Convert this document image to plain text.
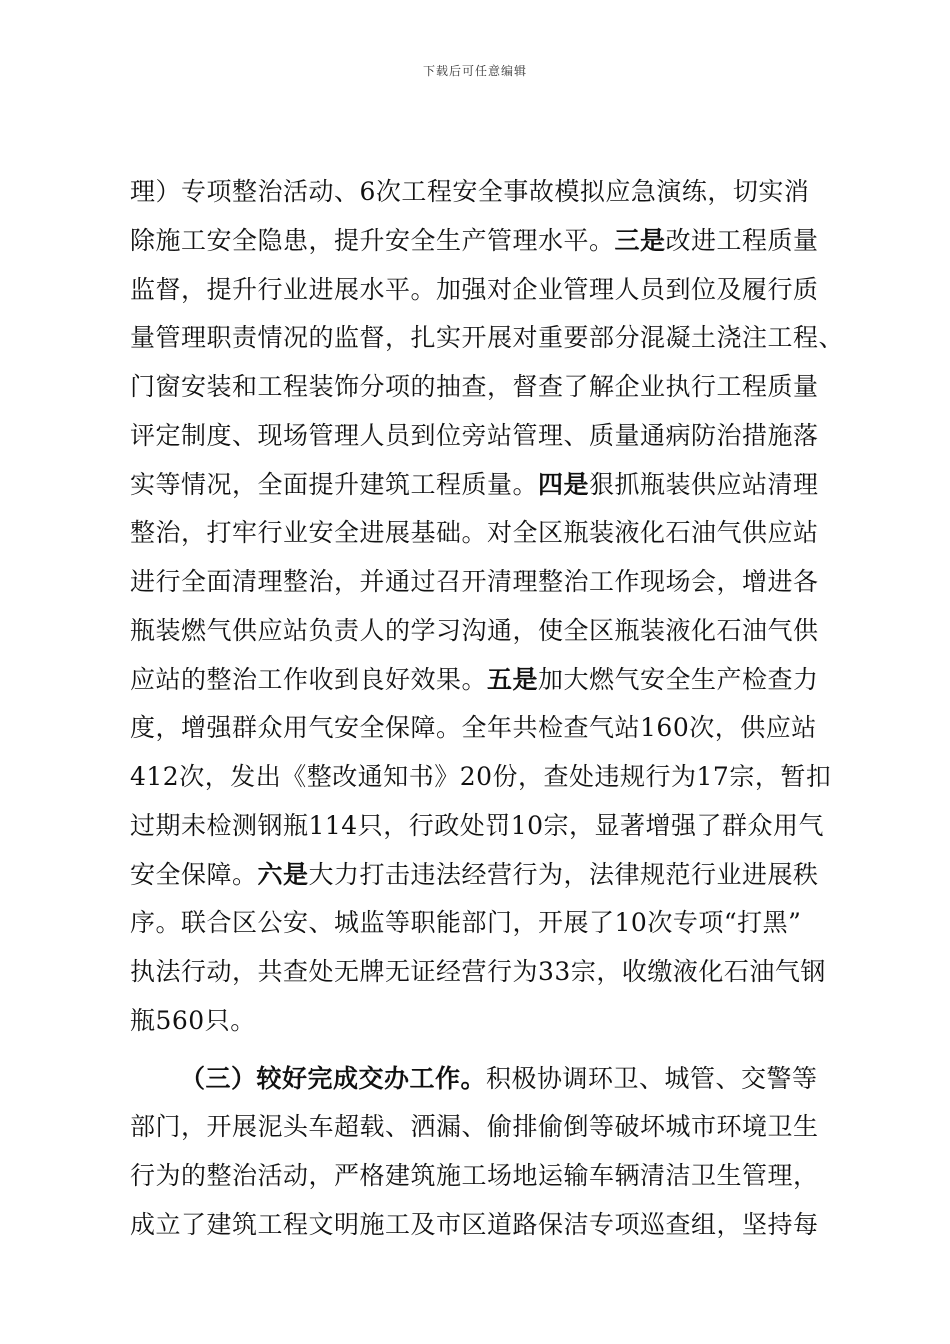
下载后可任意编辑
理）专项整治活动、6次工程安全事故模拟应急演练，切实消
除施工安全隐患，提升安全生产管理水平。三是改进工程质量
监督，提升行业进展水平。加强对企业管理人员到位及履行质
量管理职责情况的监督，扎实开展对重要部分混凝土浇注工程、
门窗安装和工程装饰分项的抽查，督查了解企业执行工程质量
评定制度、现场管理人员到位旁站管理、质量通病防治措施落
实等情况，全面提升建筑工程质量。四是狠抓瓶装供应站清理
整治，打牢行业安全进展基础。对全区瓶装液化石油气供应站
进行全面清理整治，并通过召开清理整治工作现场会，增进各
瓶装燃气供应站负责人的学习沟通，使全区瓶装液化石油气供
应站的整治工作收到良好效果。五是加大燃气安全生产检查力
度，增强群众用气安全保障。全年共检查气站160次，供应站
412次，发出《整改通知书》20份，查处违规行为17宗，暂扣
过期未检测钢瓶114只，行政处罚10宗，显著增强了群众用气
安全保障。六是大力打击违法经营行为，法律规范行业进展秩
序。联合区公安、城监等职能部门，开展了10次专项“打黑”
执法行动，共查处无牌无证经营行为33宗，收缴液化石油气钢
瓶560只。
（三）较好完成交办工作。积极协调环卫、城管、交警等
部门，开展泥头车超载、洒漏、偷排偷倒等破坏城市环境卫生
行为的整治活动，严格建筑施工场地运输车辆清洁卫生管理，
成立了建筑工程文明施工及市区道路保洁专项巡查组，坚持每
